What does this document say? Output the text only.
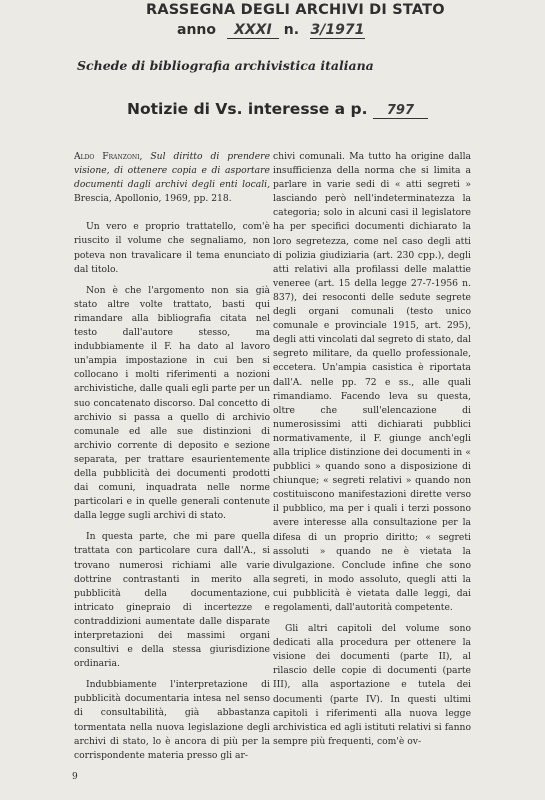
RASSEGNA DEGLI ARCHIVI DI STATO
anno XXXI n. 3/1971
Schede di bibliografia archivistica italiana
Notizie di Vs. interesse a p. 797

Aldo Franzoni, Sul diritto di prendere visione, di ottenere copia e di asportare documenti dagli archivi degli enti locali, Brescia, Apollonio, 1969, pp. 218.

Un vero e proprio trattatello, com'è riuscito il volume che segnaliamo, non poteva non travalicare il tema enunciato dal titolo.

Non è che l'argomento non sia già stato altre volte trattato, basti qui rimandare alla bibliografia citata nel testo dall'autore stesso, ma indubbiamente il F. ha dato al lavoro un'ampia impostazione in cui ben si collocano i molti riferimenti a nozioni archivistiche, dalle quali egli parte per un suo concatenato discorso. Dal concetto di archivio si passa a quello di archivio comunale ed alle sue distinzioni di archivio corrente di deposito e sezione separata, per trattare esaurientemente della pubblicità dei documenti prodotti dai comuni, inquadrata nelle norme particolari e in quelle generali contenute dalla legge sugli archivi di stato.

In questa parte, che mi pare quella trattata con particolare cura dall'A., si trovano numerosi richiami alle varie dottrine contrastanti in merito alla pubblicità della documentazione, intricato ginepraio di incertezze e contraddizioni aumentate dalle disparate interpretazioni dei massimi organi consultivi e della stessa giurisdizione ordinaria.

Indubbiamente l'interpretazione di pubblicità documentaria intesa nel senso di consultabilità, già abbastanza tormentata nella nuova legislazione degli archivi di stato, lo è ancora di più per la corrispondente materia presso gli ar-

chivi comunali. Ma tutto ha origine dalla insufficienza della norma che si limita a parlare in varie sedi di « atti segreti » lasciando però nell'indeterminatezza la categoria; solo in alcuni casi il legislatore ha per specifici documenti dichiarato la loro segretezza, come nel caso degli atti di polizia giudiziaria (art. 230 cpp.), degli atti relativi alla profilassi delle malattie veneree (art. 15 della legge 27-7-1956 n. 837), dei resoconti delle sedute segrete degli organi comunali (testo unico comunale e provinciale 1915, art. 295), degli atti vincolati dal segreto di stato, dal segreto militare, da quello professionale, eccetera. Un'ampia casistica è riportata dall'A. nelle pp. 72 e ss., alle quali rimandiamo. Facendo leva su questa, oltre che sull'elencazione di numerosissimi atti dichiarati pubblici normativamente, il F. giunge anch'egli alla triplice distinzione dei documenti in « pubblici » quando sono a disposizione di chiunque; « segreti relativi » quando non costituiscono manifestazioni dirette verso il pubblico, ma per i quali i terzi possono avere interesse alla consultazione per la difesa di un proprio diritto; « segreti assoluti » quando ne è vietata la divulgazione. Conclude infine che sono segreti, in modo assoluto, quegli atti la cui pubblicità è vietata dalle leggi, dai regolamenti, dall'autorità competente.

Gli altri capitoli del volume sono dedicati alla procedura per ottenere la visione dei documenti (parte II), al rilascio delle copie di documenti (parte III), alla asportazione e tutela dei documenti (parte IV). In questi ultimi capitoli i riferimenti alla nuova legge archivistica ed agli istituti relativi si fanno sempre più frequenti, com'è ov-

9
